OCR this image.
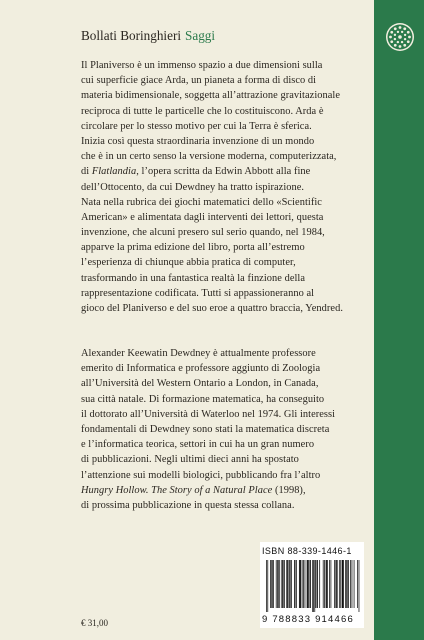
Bollati Boringhieri Saggi
Il Planiverso è un immenso spazio a due dimensioni sulla
cui superficie giace Arda, un pianeta a forma di disco di
materia bidimensionale, soggetta all’attrazione gravitazionale
reciproca di tutte le particelle che lo costituiscono. Arda è
circolare per lo stesso motivo per cui la Terra è sferica.
Inizia così questa straordinaria invenzione di un mondo
che è in un certo senso la versione moderna, computerizzata,
di Flatlandia, l’opera scritta da Edwin Abbott alla fine
dell’Ottocento, da cui Dewdney ha tratto ispirazione.
Nata nella rubrica dei giochi matematici dello «Scientific
American» e alimentata dagli interventi dei lettori, questa
invenzione, che alcuni presero sul serio quando, nel 1984,
apparve la prima edizione del libro, porta all’estremo
l’esperienza di chiunque abbia pratica di computer,
trasformando in una fantastica realtà la finzione della
rappresentazione codificata. Tutti si appassioneranno al
gioco del Planiverso e del suo eroe a quattro braccia, Yendred.
Alexander Keewatin Dewdney è attualmente professore
emerito di Informatica e professore aggiunto di Zoologia
all’Università del Western Ontario a London, in Canada,
sua città natale. Di formazione matematica, ha conseguito
il dottorato all’Università di Waterloo nel 1974. Gli interessi
fondamentali di Dewdney sono stati la matematica discreta
e l’informatica teorica, settori in cui ha un gran numero
di pubblicazioni. Negli ultimi dieci anni ha spostato
l’attenzione sui modelli biologici, pubblicando fra l’altro
Hungry Hollow. The Story of a Natural Place (1998),
di prossima pubblicazione in questa stessa collana.
ISBN 88-339-1446-1
9 788833 914466
€ 31,00
